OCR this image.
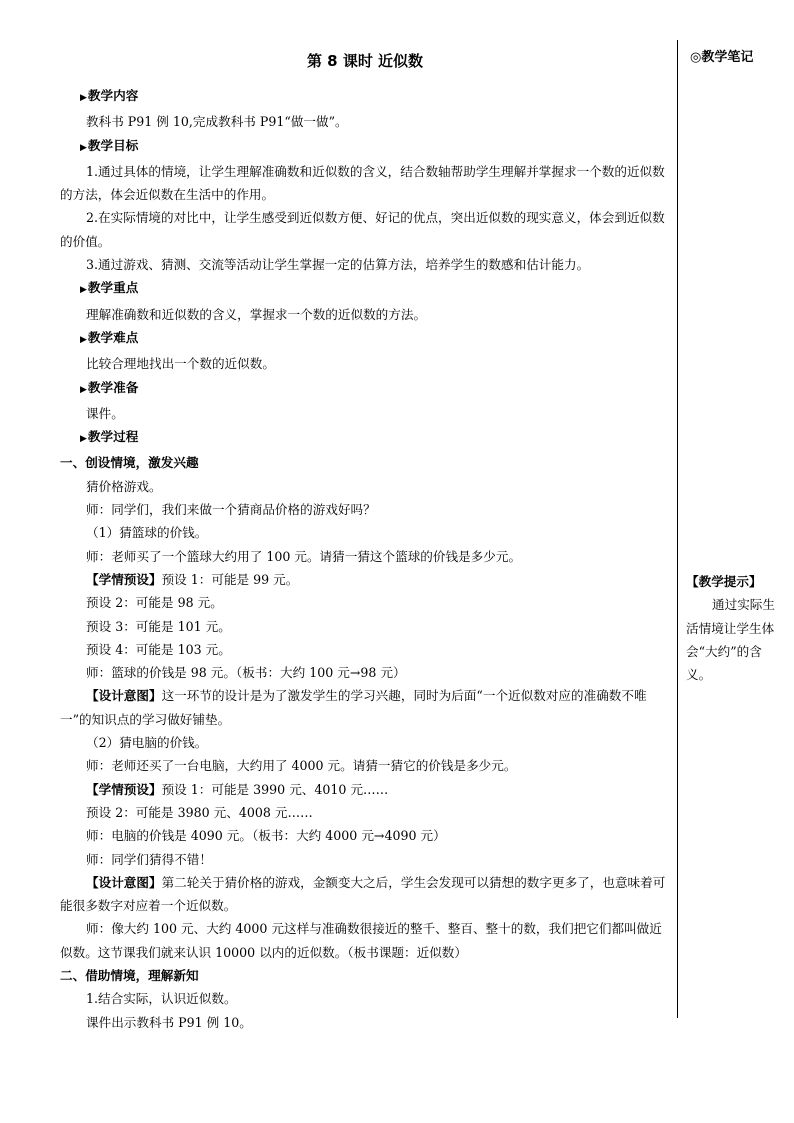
第 8 课时 近似数	◎教学笔记
【教学提示】

通过实际生活情境让学生体会“大约”的含义。

▶教学内容

教科书 P91 例 10,完成教科书 P91“做一做”。

▶教学目标

1.通过具体的情境，让学生理解准确数和近似数的含义，结合数轴帮助学生理解并掌握求一个数的近似数的方法，体会近似数在生活中的作用。

2.在实际情境的对比中，让学生感受到近似数方便、好记的优点，突出近似数的现实意义，体会到近似数的价值。

3.通过游戏、猜测、交流等活动让学生掌握一定的估算方法，培养学生的数感和估计能力。

▶教学重点

理解准确数和近似数的含义，掌握求一个数的近似数的方法。

▶教学难点

比较合理地找出一个数的近似数。

▶教学准备

课件。

▶教学过程

一、创设情境，激发兴趣

猜价格游戏。

师：同学们，我们来做一个猜商品价格的游戏好吗？

（1）猜篮球的价钱。

师：老师买了一个篮球大约用了 100 元。请猜一猜这个篮球的价钱是多少元。

【学情预设】预设 1：可能是 99 元。

预设 2：可能是 98 元。

预设 3：可能是 101 元。

预设 4：可能是 103 元。

师：篮球的价钱是 98 元。（板书：大约 100 元→98 元）

【设计意图】这一环节的设计是为了激发学生的学习兴趣，同时为后面“一个近似数对应的准确数不唯一”的知识点的学习做好铺垫。

（2）猜电脑的价钱。

师：老师还买了一台电脑，大约用了 4000 元。请猜一猜它的价钱是多少元。

【学情预设】预设 1：可能是 3990 元、4010 元……

预设 2：可能是 3980 元、4008 元……

师：电脑的价钱是 4090 元。（板书：大约 4000 元→4090 元）

师：同学们猜得不错！

【设计意图】第二轮关于猜价格的游戏，金额变大之后，学生会发现可以猜想的数字更多了，也意味着可能很多数字对应着一个近似数。

师：像大约 100 元、大约 4000 元这样与准确数很接近的整千、整百、整十的数，我们把它们都叫做近似数。这节课我们就来认识 10000 以内的近似数。（板书课题：近似数）

二、借助情境，理解新知

1.结合实际，认识近似数。

课件出示教科书 P91 例 10。
